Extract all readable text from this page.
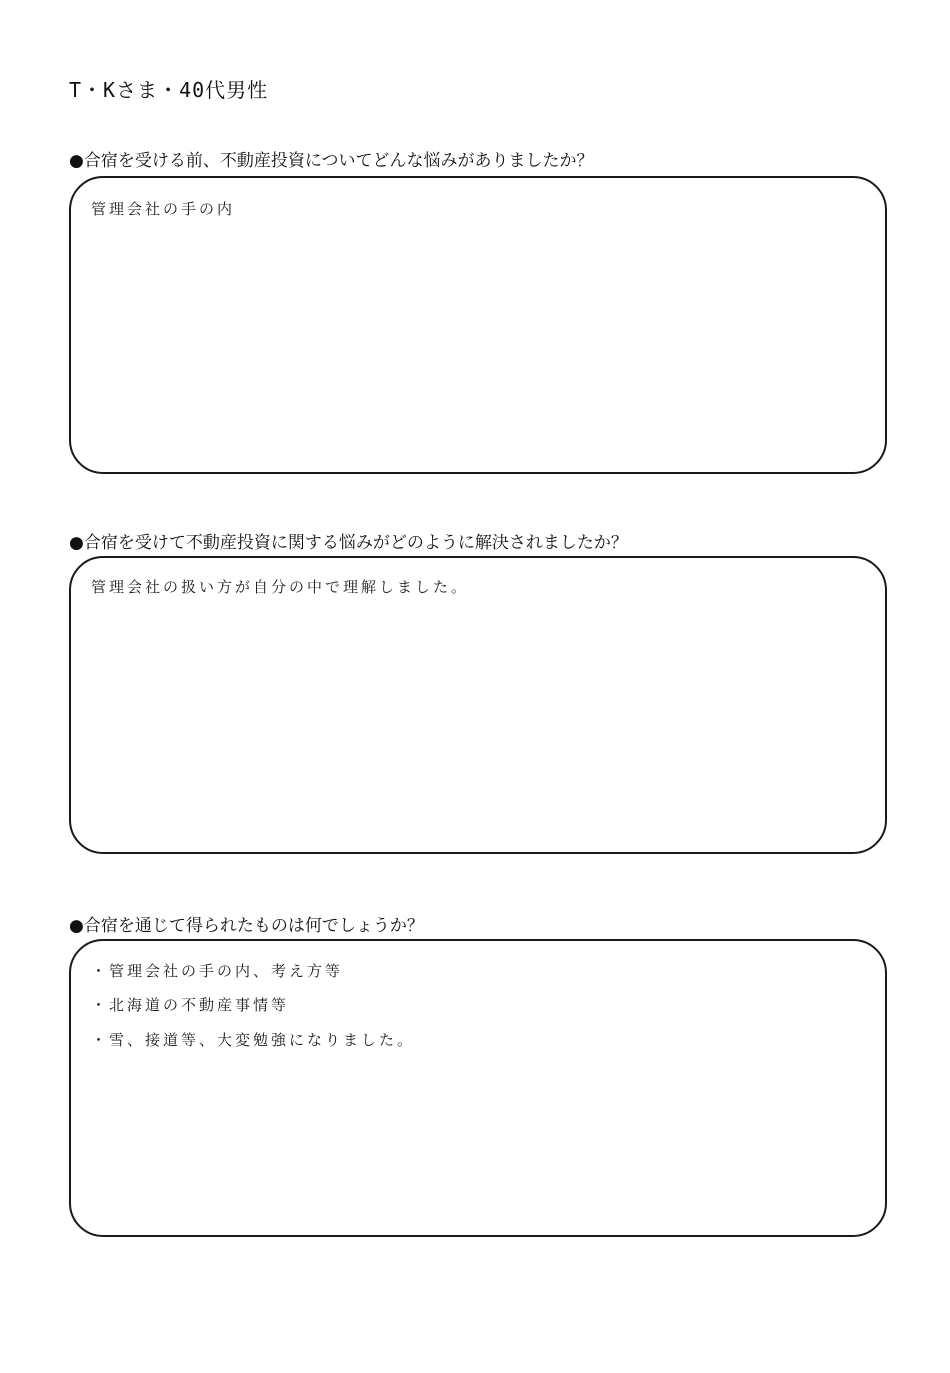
T・Kさま・40代男性
●合宿を受ける前、不動産投資についてどんな悩みがありましたか？
管理会社の手の内
●合宿を受けて不動産投資に関する悩みがどのように解決されましたか？
管理会社の扱い方が自分の中で理解しました。
●合宿を通じて得られたものは何でしょうか？
・管理会社の手の内、考え方等
・北海道の不動産事情等
・雪、接道等、大変勉強になりました。
